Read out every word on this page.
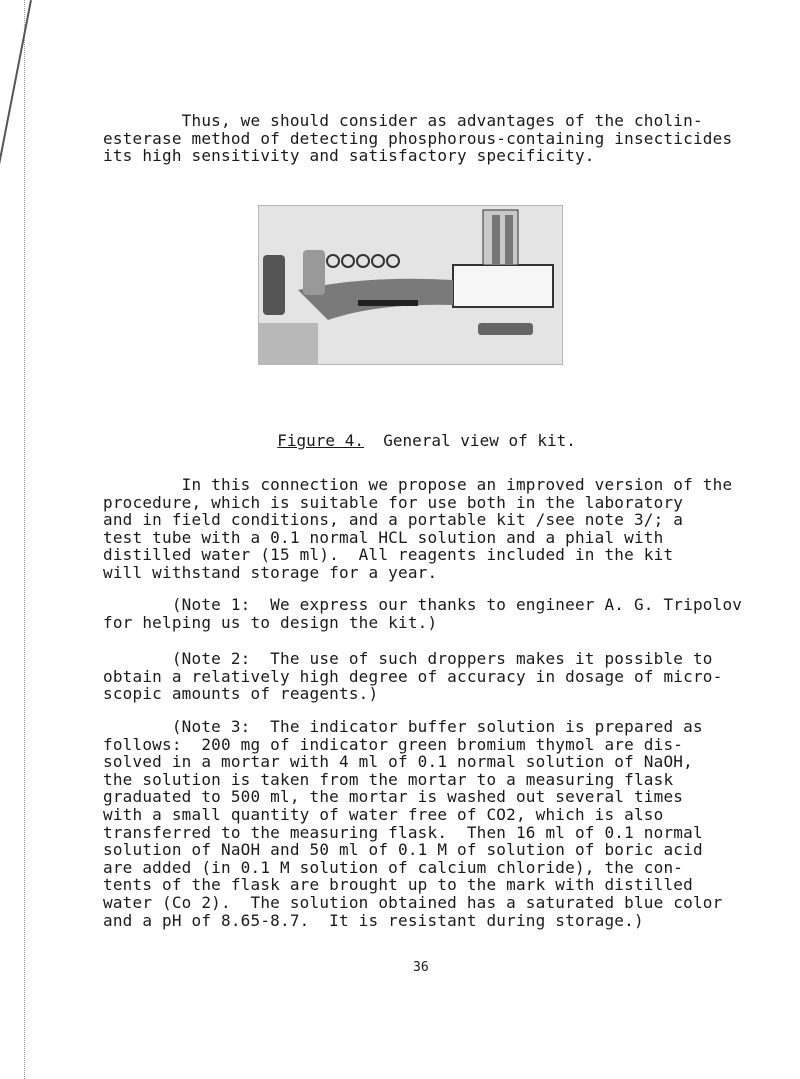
Thus, we should consider as advantages of the cholin-
esterase method of detecting phosphorous-containing insecticides
its high sensitivity and satisfactory specificity.

Figure 4.  General view of kit.

In this connection we propose an improved version of the
procedure, which is suitable for use both in the laboratory
and in field conditions, and a portable kit /see note 3/; a
test tube with a 0.1 normal HCL solution and a phial with
distilled water (15 ml).  All reagents included in the kit
will withstand storage for a year.

(Note 1:  We express our thanks to engineer A. G. Tripolov
for helping us to design the kit.)

(Note 2:  The use of such droppers makes it possible to
obtain a relatively high degree of accuracy in dosage of micro-
scopic amounts of reagents.)

(Note 3:  The indicator buffer solution is prepared as
follows:  200 mg of indicator green bromium thymol are dis-
solved in a mortar with 4 ml of 0.1 normal solution of NaOH,
the solution is taken from the mortar to a measuring flask
graduated to 500 ml, the mortar is washed out several times
with a small quantity of water free of CO2, which is also
transferred to the measuring flask.  Then 16 ml of 0.1 normal
solution of NaOH and 50 ml of 0.1 M of solution of boric acid
are added (in 0.1 M solution of calcium chloride), the con-
tents of the flask are brought up to the mark with distilled
water (Co 2).  The solution obtained has a saturated blue color
and a pH of 8.65-8.7.  It is resistant during storage.)

36
